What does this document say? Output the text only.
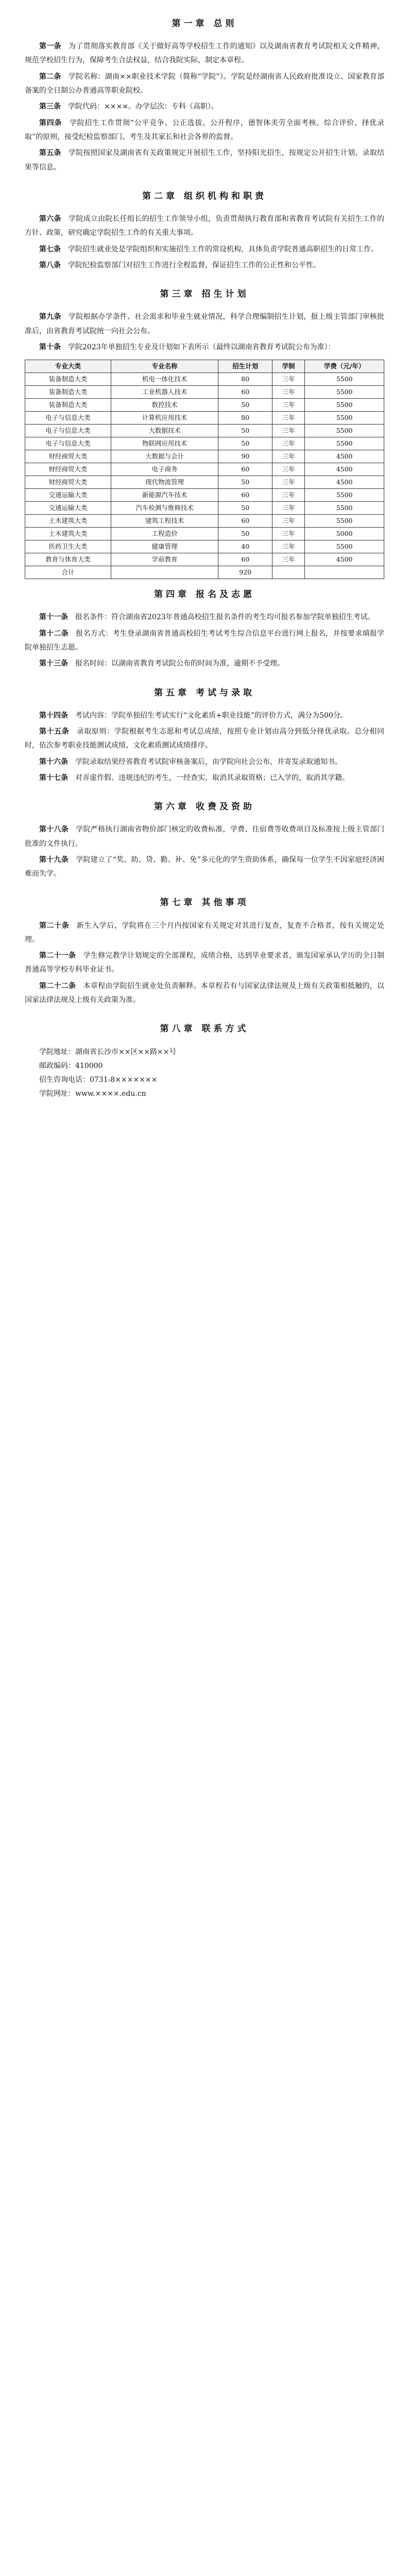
第一章 总则

第一条　为了贯彻落实教育部《关于做好高等学校招生工作的通知》以及湖南省教育考试院相关文件精神，规范学校招生行为，保障考生合法权益，结合我院实际，制定本章程。

第二条　学院名称：湖南××职业技术学院（简称“学院”）。学院是经湖南省人民政府批准设立、国家教育部备案的全日制公办普通高等职业院校。

第三条　学院代码：××××。办学层次：专科（高职）。

第四条　学院招生工作贯彻“公平竞争、公正选拔、公开程序，德智体美劳全面考核、综合评价、择优录取”的原则，接受纪检监察部门、考生及其家长和社会各界的监督。

第五条　学院按照国家及湖南省有关政策规定开展招生工作，坚持阳光招生，按规定公开招生计划、录取结果等信息。

第二章 组织机构和职责

第六条　学院成立由院长任组长的招生工作领导小组，负责贯彻执行教育部和省教育考试院有关招生工作的方针、政策，研究确定学院招生工作的有关重大事项。

第七条　学院招生就业处是学院组织和实施招生工作的常设机构，具体负责学院普通高职招生的日常工作。

第八条　学院纪检监察部门对招生工作进行全程监督，保证招生工作的公正性和公平性。

第三章 招生计划

第九条　学院根据办学条件、社会需求和毕业生就业情况，科学合理编制招生计划，报上级主管部门审核批准后，由省教育考试院统一向社会公布。

第十条　学院2023年单独招生专业及计划如下表所示（最终以湖南省教育考试院公布为准）：

专业大类	专业名称	招生计划	学制	学费（元/年）
装备制造大类	机电一体化技术	80	三年	5500
装备制造大类	工业机器人技术	60	三年	5500
装备制造大类	数控技术	50	三年	5500
电子与信息大类	计算机应用技术	80	三年	5500
电子与信息大类	大数据技术	50	三年	5500
电子与信息大类	物联网应用技术	50	三年	5500
财经商贸大类	大数据与会计	90	三年	4500
财经商贸大类	电子商务	60	三年	4500
财经商贸大类	现代物流管理	50	三年	4500
交通运输大类	新能源汽车技术	60	三年	5500
交通运输大类	汽车检测与维修技术	50	三年	5500
土木建筑大类	建筑工程技术	60	三年	5500
土木建筑大类	工程造价	50	三年	5000
医药卫生大类	健康管理	40	三年	5500
教育与体育大类	学前教育	60	三年	4500
合计		920		
第四章 报名及志愿

第十一条　报名条件：符合湖南省2023年普通高校招生报名条件的考生均可报名参加学院单独招生考试。

第十二条　报名方式：考生登录湖南省普通高校招生考试考生综合信息平台进行网上报名，并按要求填报学院单独招生志愿。

第十三条　报名时间：以湖南省教育考试院公布的时间为准，逾期不予受理。

第五章 考试与录取

第十四条　考试内容：学院单独招生考试实行“文化素质+职业技能”的评价方式，满分为500分。

第十五条　录取原则：学院根据考生志愿和考试总成绩，按照专业计划由高分到低分择优录取。总分相同时，依次参考职业技能测试成绩、文化素质测试成绩排序。

第十六条　学院录取结果经省教育考试院审核备案后，由学院向社会公布，并寄发录取通知书。

第十七条　对弄虚作假、违规违纪的考生，一经查实，取消其录取资格；已入学的，取消其学籍。

第六章 收费及资助

第十八条　学院严格执行湖南省物价部门核定的收费标准，学费、住宿费等收费项目及标准按上级主管部门批准的文件执行。

第十九条　学院建立了“奖、助、贷、勤、补、免”多元化的学生资助体系，确保每一位学生不因家庭经济困难而失学。

第七章 其他事项

第二十条　新生入学后，学院将在三个月内按国家有关规定对其进行复查，复查不合格者，按有关规定处理。

第二十一条　学生修完教学计划规定的全部课程，成绩合格，达到毕业要求者，颁发国家承认学历的全日制普通高等学校专科毕业证书。

第二十二条　本章程由学院招生就业处负责解释。本章程若有与国家法律法规及上级有关政策相抵触的，以国家法律法规及上级有关政策为准。

第八章 联系方式

学院地址：湖南省长沙市××区××路××号

邮政编码：410000

招生咨询电话：0731-8×××××××

学院网址：www.××××.edu.cn
